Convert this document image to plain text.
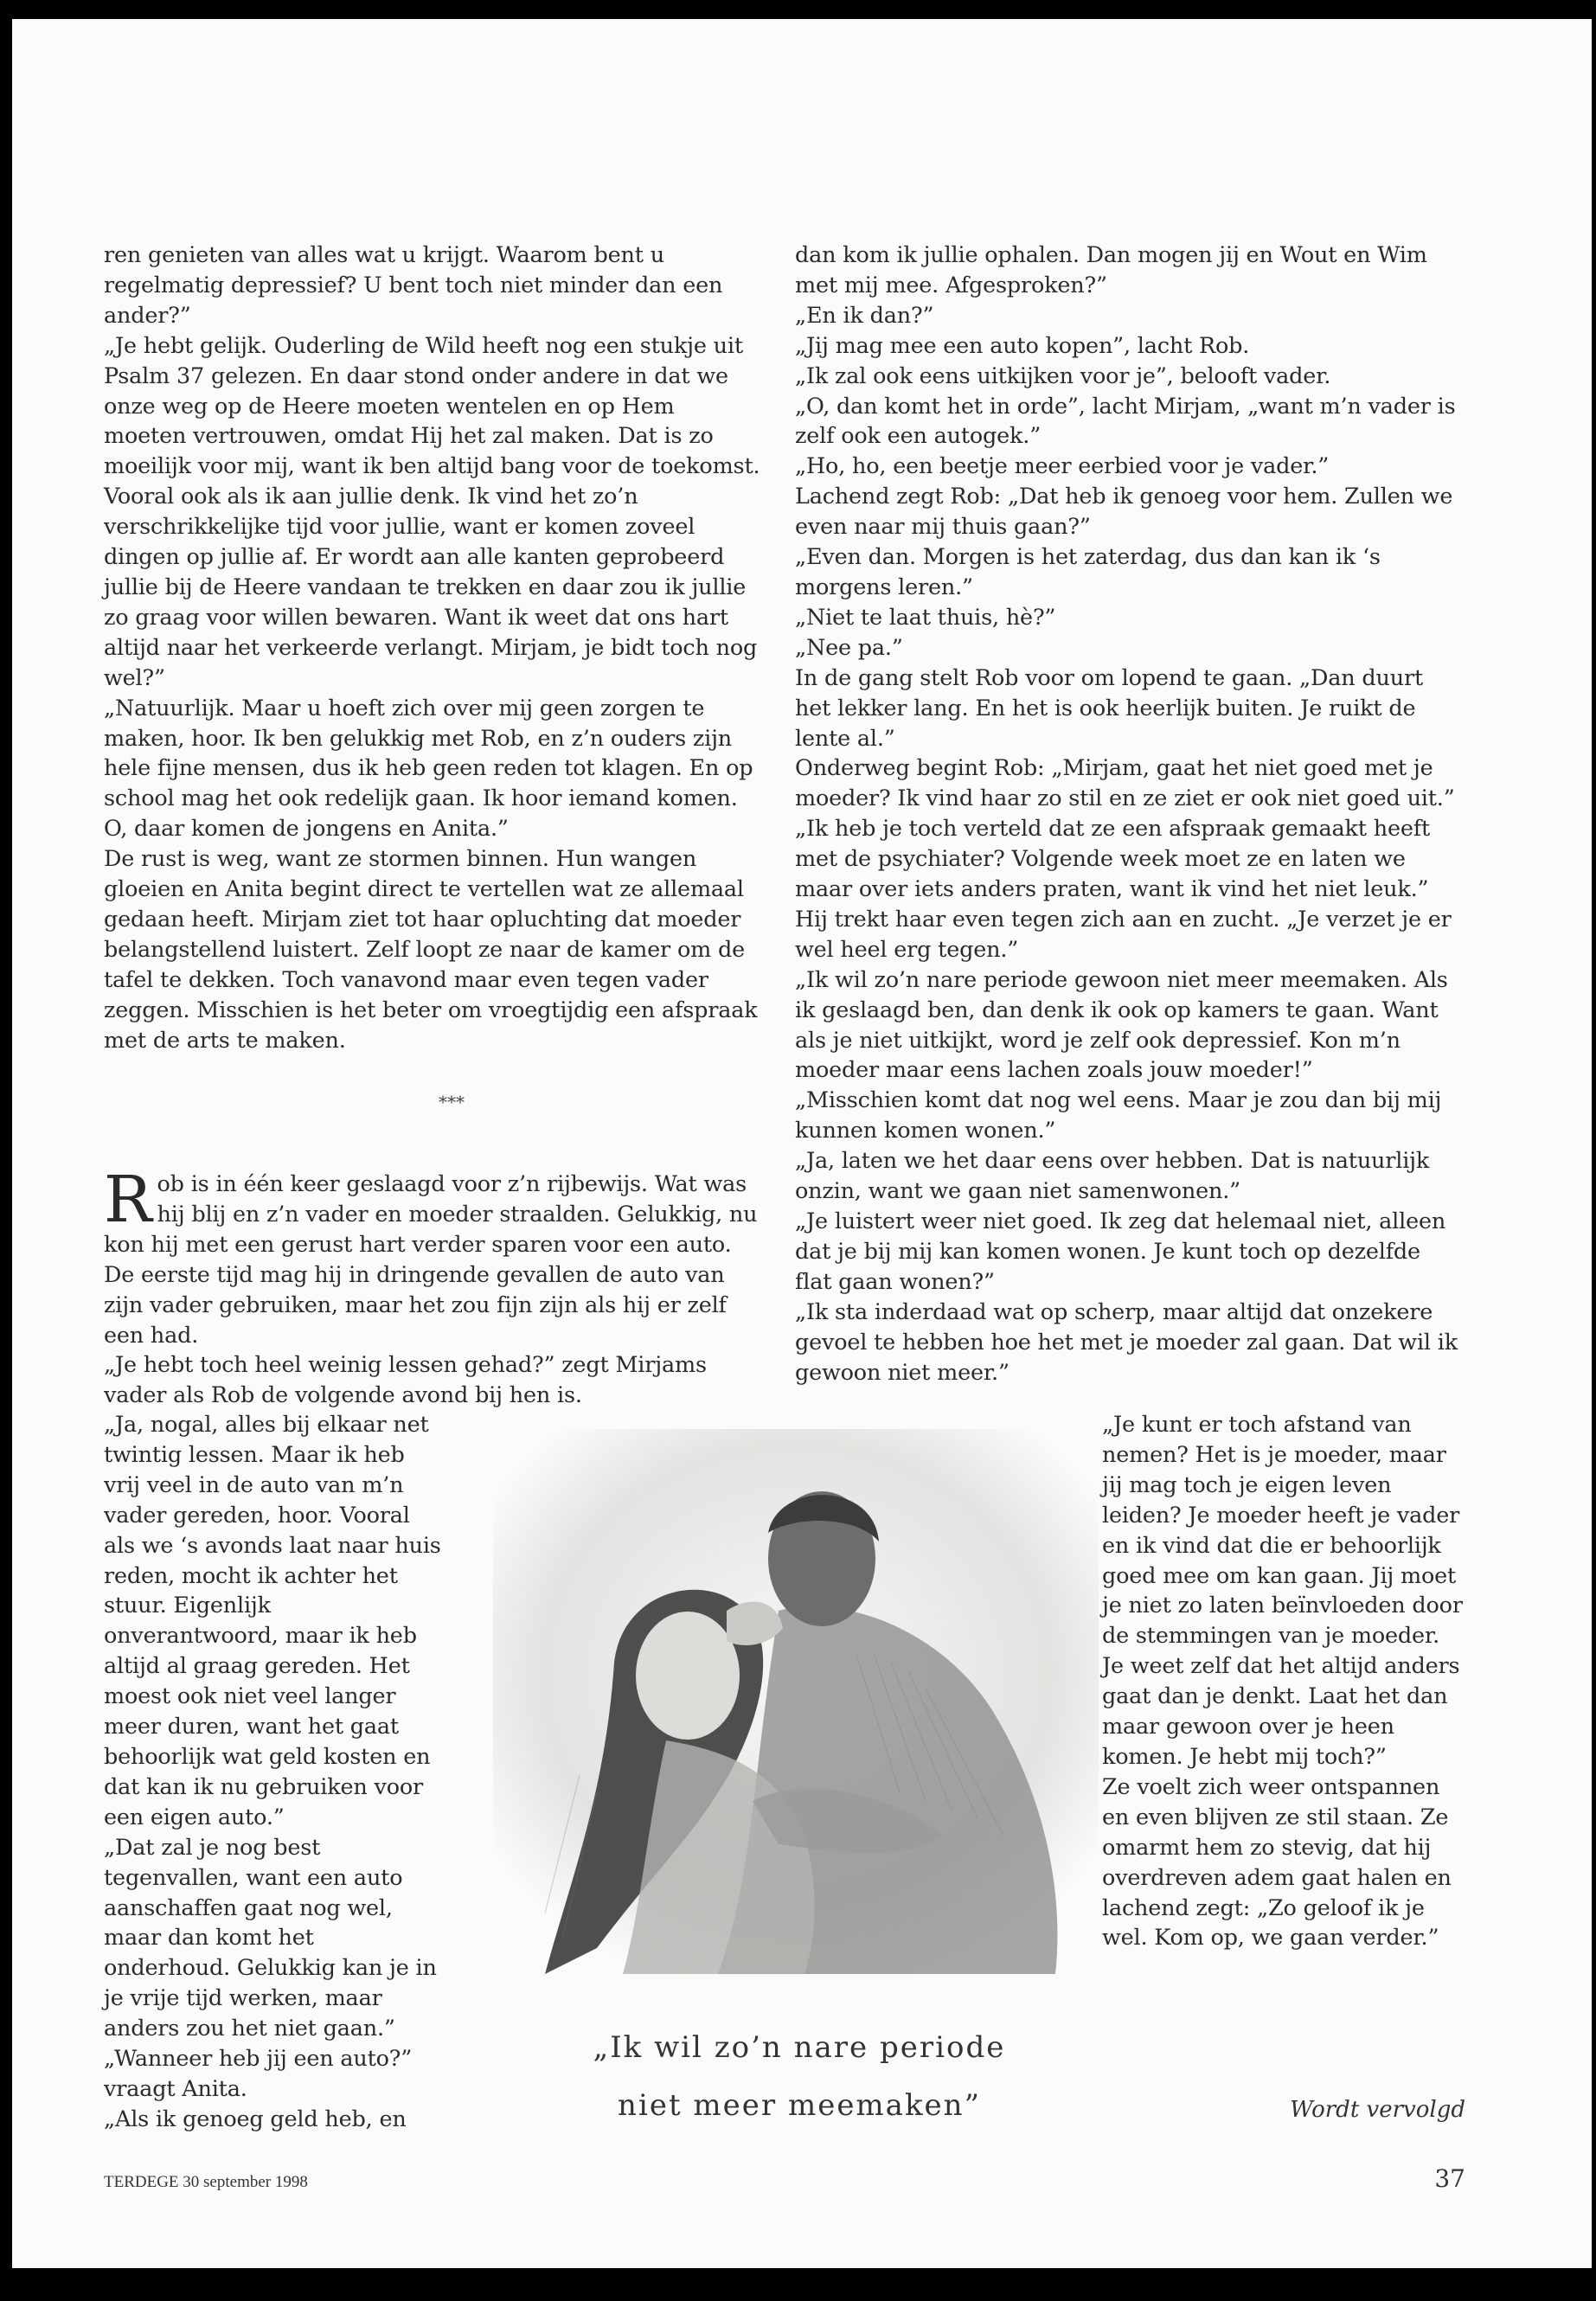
ren genieten van alles wat u krijgt. Waarom bent u regelmatig depressief? U bent toch niet minder dan een ander?”

„Je hebt gelijk. Ouderling de Wild heeft nog een stukje uit Psalm 37 gelezen. En daar stond onder andere in dat we onze weg op de Heere moeten wentelen en op Hem moeten vertrouwen, omdat Hij het zal maken. Dat is zo moeilijk voor mij, want ik ben altijd bang voor de toekomst. Vooral ook als ik aan jullie denk. Ik vind het zo’n verschrikkelijke tijd voor jullie, want er komen zoveel dingen op jullie af. Er wordt aan alle kanten geprobeerd jullie bij de Heere vandaan te trekken en daar zou ik jullie zo graag voor willen bewaren. Want ik weet dat ons hart altijd naar het verkeerde verlangt. Mirjam, je bidt toch nog wel?”

„Natuurlijk. Maar u hoeft zich over mij geen zorgen te maken, hoor. Ik ben gelukkig met Rob, en z’n ouders zijn hele fijne mensen, dus ik heb geen reden tot klagen. En op school mag het ook redelijk gaan. Ik hoor iemand komen. O, daar komen de jongens en Anita.”

De rust is weg, want ze stormen binnen. Hun wangen gloeien en Anita begint direct te vertellen wat ze allemaal gedaan heeft. Mirjam ziet tot haar opluchting dat moeder belangstellend luistert. Zelf loopt ze naar de kamer om de tafel te dekken. Toch vanavond maar even tegen vader zeggen. Misschien is het beter om vroegtijdig een afspraak met de arts te maken.

***

Rob is in één keer geslaagd voor z’n rijbewijs. Wat was hij blij en z’n vader en moeder straalden. Gelukkig, nu kon hij met een gerust hart verder sparen voor een auto. De eerste tijd mag hij in dringende gevallen de auto van zijn vader gebruiken, maar het zou fijn zijn als hij er zelf een had.

„Je hebt toch heel weinig lessen gehad?” zegt Mirjams vader als Rob de volgende avond bij hen is.

„Ja, nogal, alles bij elkaar net twintig lessen. Maar ik heb vrij veel in de auto van m’n vader gereden, hoor. Vooral als we ‘s avonds laat naar huis reden, mocht ik achter het stuur. Eigenlijk onverantwoord, maar ik heb altijd al graag gereden. Het moest ook niet veel langer meer duren, want het gaat behoorlijk wat geld kosten en dat kan ik nu gebruiken voor een eigen auto.”

„Dat zal je nog best tegenvallen, want een auto aanschaffen gaat nog wel, maar dan komt het onderhoud. Gelukkig kan je in je vrije tijd werken, maar anders zou het niet gaan.”

„Wanneer heb jij een auto?” vraagt Anita.

„Als ik genoeg geld heb, en

dan kom ik jullie ophalen. Dan mogen jij en Wout en Wim met mij mee. Afgesproken?”

„En ik dan?”

„Jij mag mee een auto kopen”, lacht Rob.

„Ik zal ook eens uitkijken voor je”, belooft vader.

„O, dan komt het in orde”, lacht Mirjam, „want m’n vader is zelf ook een autogek.”

„Ho, ho, een beetje meer eerbied voor je vader.”

Lachend zegt Rob: „Dat heb ik genoeg voor hem. Zullen we even naar mij thuis gaan?”

„Even dan. Morgen is het zaterdag, dus dan kan ik ‘s morgens leren.”

„Niet te laat thuis, hè?”

„Nee pa.”

In de gang stelt Rob voor om lopend te gaan. „Dan duurt het lekker lang. En het is ook heerlijk buiten. Je ruikt de lente al.”

Onderweg begint Rob: „Mirjam, gaat het niet goed met je moeder? Ik vind haar zo stil en ze ziet er ook niet goed uit.”

„Ik heb je toch verteld dat ze een afspraak gemaakt heeft met de psychiater? Volgende week moet ze en laten we maar over iets anders praten, want ik vind het niet leuk.” Hij trekt haar even tegen zich aan en zucht. „Je verzet je er wel heel erg tegen.”

„Ik wil zo’n nare periode gewoon niet meer meemaken. Als ik geslaagd ben, dan denk ik ook op kamers te gaan. Want als je niet uitkijkt, word je zelf ook depressief. Kon m’n moeder maar eens lachen zoals jouw moeder!”

„Misschien komt dat nog wel eens. Maar je zou dan bij mij kunnen komen wonen.”

„Ja, laten we het daar eens over hebben. Dat is natuurlijk onzin, want we gaan niet samenwonen.”

„Je luistert weer niet goed. Ik zeg dat helemaal niet, alleen dat je bij mij kan komen wonen. Je kunt toch op dezelfde flat gaan wonen?”

„Ik sta inderdaad wat op scherp, maar altijd dat onzekere gevoel te hebben hoe het met je moeder zal gaan. Dat wil ik gewoon niet meer.”

„Je kunt er toch afstand van nemen? Het is je moeder, maar jij mag toch je eigen leven leiden? Je moeder heeft je vader en ik vind dat die er behoorlijk goed mee om kan gaan. Jij moet je niet zo laten beïnvloeden door de stemmingen van je moeder. Je weet zelf dat het altijd anders gaat dan je denkt. Laat het dan maar gewoon over je heen komen. Je hebt mij toch?”

Ze voelt zich weer ontspannen en even blijven ze stil staan. Ze omarmt hem zo stevig, dat hij overdreven adem gaat halen en lachend zegt: „Zo geloof ik je wel. Kom op, we gaan verder.”

„Ik wil zo’n nare periode
niet meer meemaken”	Wordt vervolgd
TERDEGE 30 september 1998	37
